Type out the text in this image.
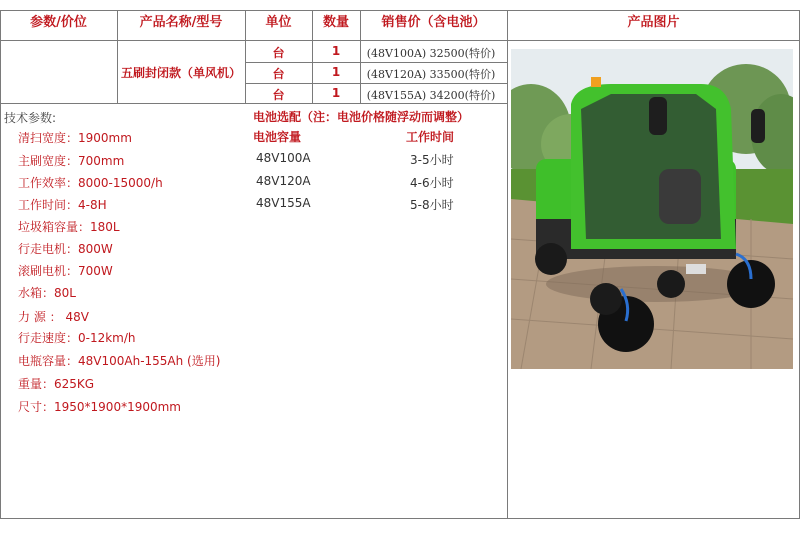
参数/价位	产品名称/型号	单位	数量	销售价（含电池）	产品图片
五刷封闭款（单风机）
台	1	(48V100A) 32500(特价)
台	1	(48V120A) 33500(特价)
台	1	(48V155A) 34200(特价)
技术参数:
清扫宽度：1900mm
主刷宽度：700mm
工作效率：8000-15000/h
工作时间：4-8H
垃圾箱容量：180L
行走电机：800W
滚刷电机：700W
水箱：80L
力 源 ： 48V
行走速度：0-12km/h
电瓶容量：48V100Ah-155Ah (选用)
重量：625KG
尺寸：1950*1900*1900mm
电池选配（注：电池价格随浮动而调整）
电池容量	工作时间
48V100A	3-5小时
48V120A	4-6小时
48V155A	5-8小时
